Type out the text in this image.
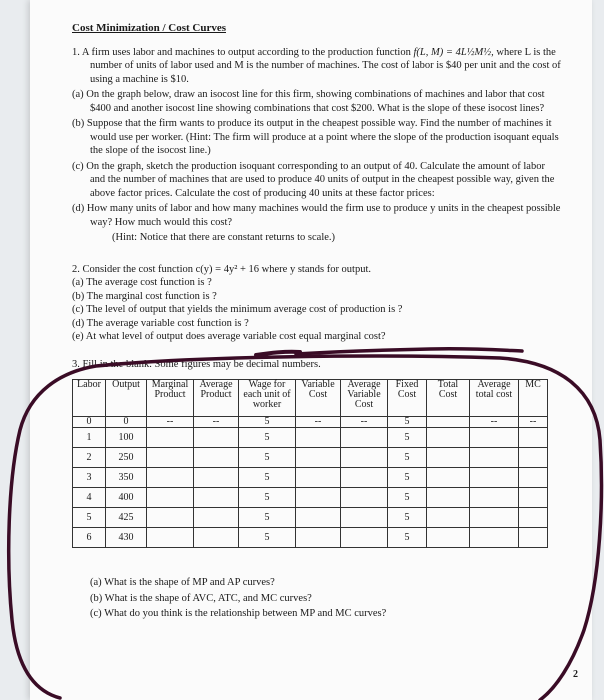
Cost Minimization / Cost Curves
1. A firm uses labor and machines to output according to the production function f(L, M) = 4L½M½, where L is the number of units of labor used and M is the number of machines. The cost of labor is $40 per unit and the cost of using a machine is $10.
(a) On the graph below, draw an isocost line for this firm, showing combinations of machines and labor that cost $400 and another isocost line showing combinations that cost $200. What is the slope of these isocost lines?
(b) Suppose that the firm wants to produce its output in the cheapest possible way. Find the number of machines it would use per worker. (Hint: The firm will produce at a point where the slope of the production isoquant equals the slope of the isocost line.)
(c) On the graph, sketch the production isoquant corresponding to an output of 40. Calculate the amount of labor and the number of machines that are used to produce 40 units of output in the cheapest possible way, given the above factor prices. Calculate the cost of producing 40 units at these factor prices:
(d) How many units of labor and how many machines would the firm use to produce y units in the cheapest possible way? How much would this cost?
(Hint: Notice that there are constant returns to scale.)
2. Consider the cost function c(y) = 4y² + 16 where y stands for output.
(a) The average cost function is ?
(b) The marginal cost function is ?
(c) The level of output that yields the minimum average cost of production is ?
(d) The average variable cost function is ?
(e) At what level of output does average variable cost equal marginal cost?
3. Fill in the blank. Some figures may be decimal numbers.
Labor	Output	Marginal Product	Average Product	Wage for each unit of worker	Variable Cost	Average Variable Cost	Fixed Cost	Total Cost	Average total cost	MC
0	0	--	--	5	--	--	5		--	--
1	100			5			5			
2	250			5			5			
3	350			5			5			
4	400			5			5			
5	425			5			5			
6	430			5			5			
(a) What is the shape of MP and AP curves?
(b) What is the shape of AVC, ATC, and MC curves?
(c) What do you think is the relationship between MP and MC curves?
2
